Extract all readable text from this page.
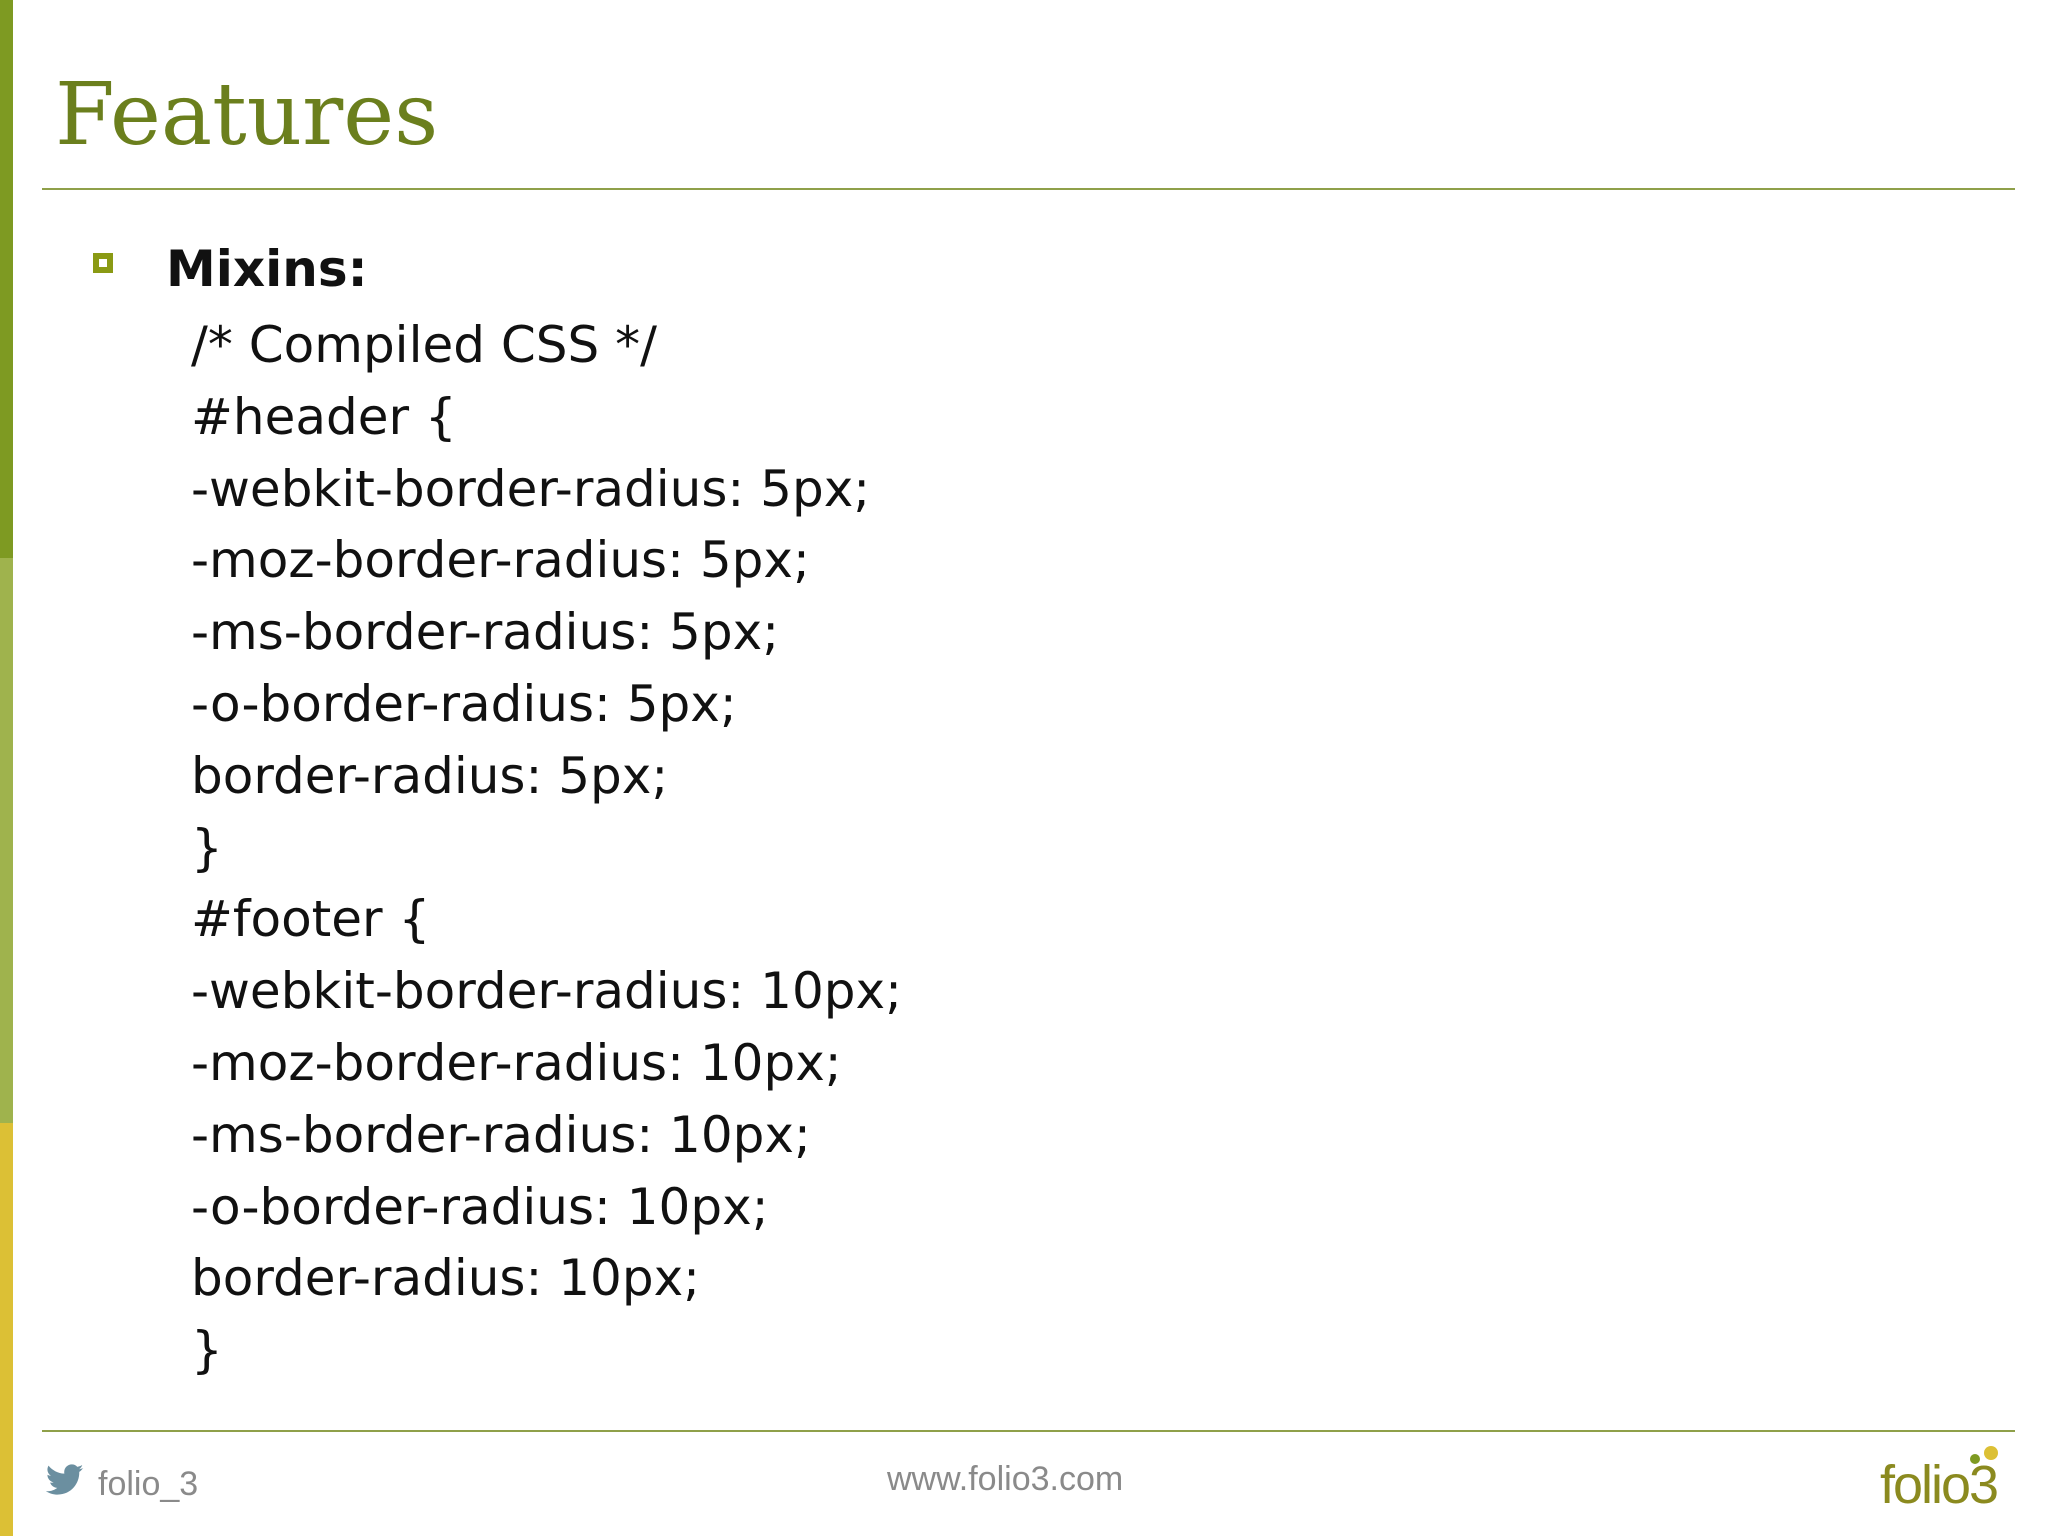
Features
Mixins:
/* Compiled CSS */
#header {
-webkit-border-radius: 5px;
-moz-border-radius: 5px;
-ms-border-radius: 5px;
-o-border-radius: 5px;
border-radius: 5px;
}
#footer {
-webkit-border-radius: 10px;
-moz-border-radius: 10px;
-ms-border-radius: 10px;
-o-border-radius: 10px;
border-radius: 10px;
}
folio_3	www.folio3.com	folio3
